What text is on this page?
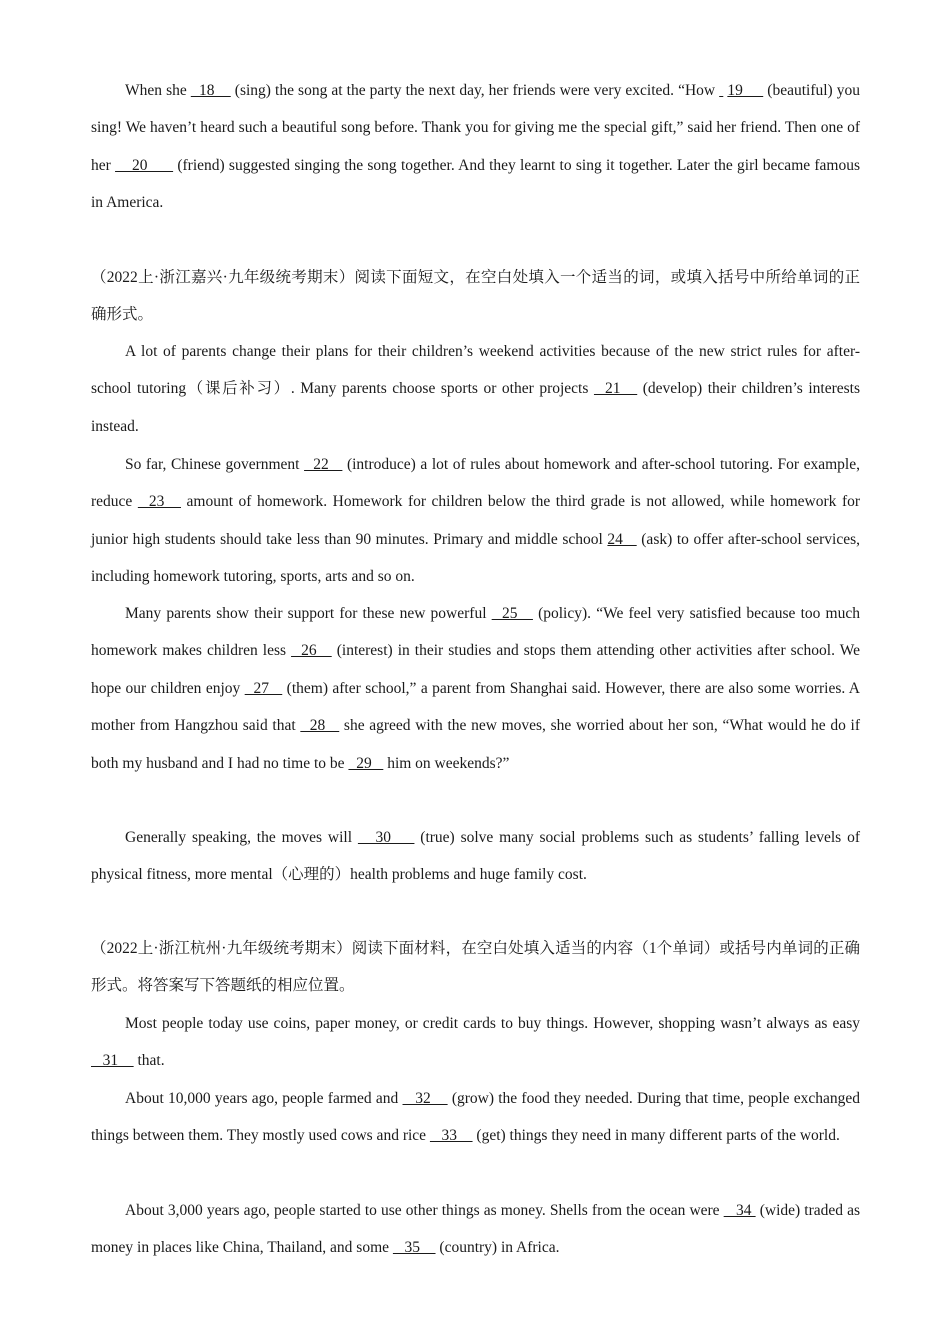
When she   18     (sing) the song at the party the next day, her friends were very excited. “How   19      (beautiful) you sing! We haven’t heard such a beautiful song before. Thank you for giving me the special gift,” said her friend. Then one of her     20       (friend) suggested singing the song together. And they learnt to sing it together. Later the girl became famous in America.

（2022上·浙江嘉兴·九年级统考期末）阅读下面短文，在空白处填入一个适当的词，或填入括号中所给单词的正确形式。

A lot of parents change their plans for their children’s weekend activities because of the new strict rules for after-school tutoring（课后补习）. Many parents choose sports or other projects   21    (develop) their children’s interests instead.

So far, Chinese government   22    (introduce) a lot of rules about homework and after-school tutoring. For example, reduce   23    amount of homework. Homework for children below the third grade is not allowed, while homework for junior high students should take less than 90 minutes. Primary and middle school 24    (ask) to offer after-school services, including homework tutoring, sports, arts and so on.

Many parents show their support for these new powerful   25    (policy). “We feel very satisfied because too much homework makes children less   26    (interest) in their studies and stops them attending other activities after school. We hope our children enjoy   27    (them) after school,” a parent from Shanghai said. However, there are also some worries. A mother from Hangzhou said that   28    she agreed with the new moves, she worried about her son, “What would he do if both my husband and I had no time to be   29    him on weekends?”

Generally speaking, the moves will    30     (true) solve many social problems such as students’ falling levels of physical fitness, more mental（心理的）health problems and huge family cost.

（2022上·浙江杭州·九年级统考期末）阅读下面材料，在空白处填入适当的内容（1个单词）或括号内单词的正确形式。将答案写下答题纸的相应位置。

Most people today use coins, paper money, or credit cards to buy things. However, shopping wasn’t always as easy    31     that.

About 10,000 years ago, people farmed and    32     (grow) the food they needed. During that time, people exchanged things between them. They mostly used cows and rice    33     (get) things they need in many different parts of the world.

About 3,000 years ago, people started to use other things as money. Shells from the ocean were    34  (wide) traded as money in places like China, Thailand, and some    35     (country) in Africa.
